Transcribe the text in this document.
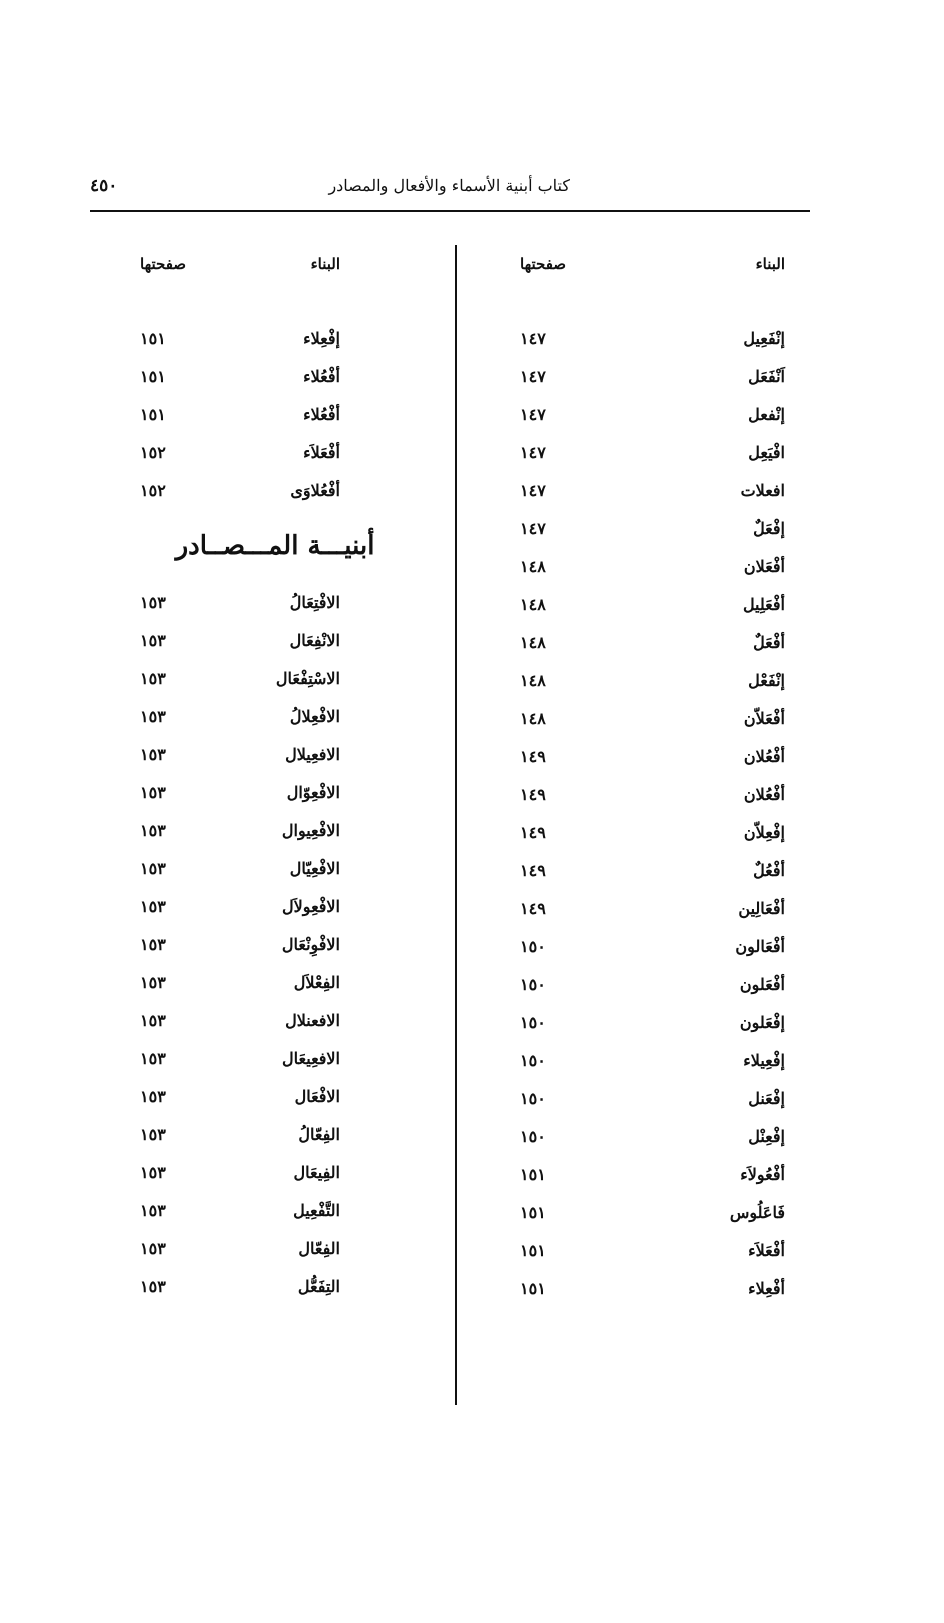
٤٥٠	كتاب أبنية الأسماء والأفعال والمصادر
البناء
صفحتها
إنْفَعِيل
١٤٧
اَنْفَعَل
١٤٧
إنْفعل
١٤٧
افْيَعِل
١٤٧
افعلات
١٤٧
إفْعَلٌ
١٤٧
أفْعَلان
١٤٨
أفْعَلِيل
١٤٨
أفْعَلٌ
١٤٨
إنْفَعْل
١٤٨
أفْعَلاّن
١٤٨
أفْعُلان
١٤٩
أفْعُلان
١٤٩
إفْعِلاّن
١٤٩
أفْعُلٌ
١٤٩
أفْعَالِين
١٤٩
أفْعَالون
١٥٠
أفْعَلون
١٥٠
إفْعَلون
١٥٠
إفْعِيلاء
١٥٠
إفْعَنل
١٥٠
إفْعِنْل
١٥٠
أفْعُولاَء
١٥١
فَاعَلُوس
١٥١
أفْعَلاَء
١٥١
أفْعِلاء
١٥١
البناء
صفحتها
إفْعِلاء
١٥١
أفْعُلاء
١٥١
أفْعُلاء
١٥١
أفْعَلاَء
١٥٢
أفْعُلاوَى
١٥٢
أبنيـــة المـــصــادر
الافْتِعَالُ
١٥٣
الانْفِعَال
١٥٣
الاسْتِفْعَال
١٥٣
الافْعِلالُ
١٥٣
الافعِيلال
١٥٣
الافْعِوّال
١٥٣
الافْعِيوال
١٥٣
الافْعِيّال
١٥٣
الافْعِولاَل
١٥٣
الافْوِنْعَال
١٥٣
الفِعْلاَل
١٥٣
الافعنلال
١٥٣
الافعِيعَال
١٥٣
الافْعَال
١٥٣
الفِعّالُ
١٥٣
الفِيعَال
١٥٣
التَّفْعِيل
١٥٣
الفِعّال
١٥٣
التِفَعُّل
١٥٣
